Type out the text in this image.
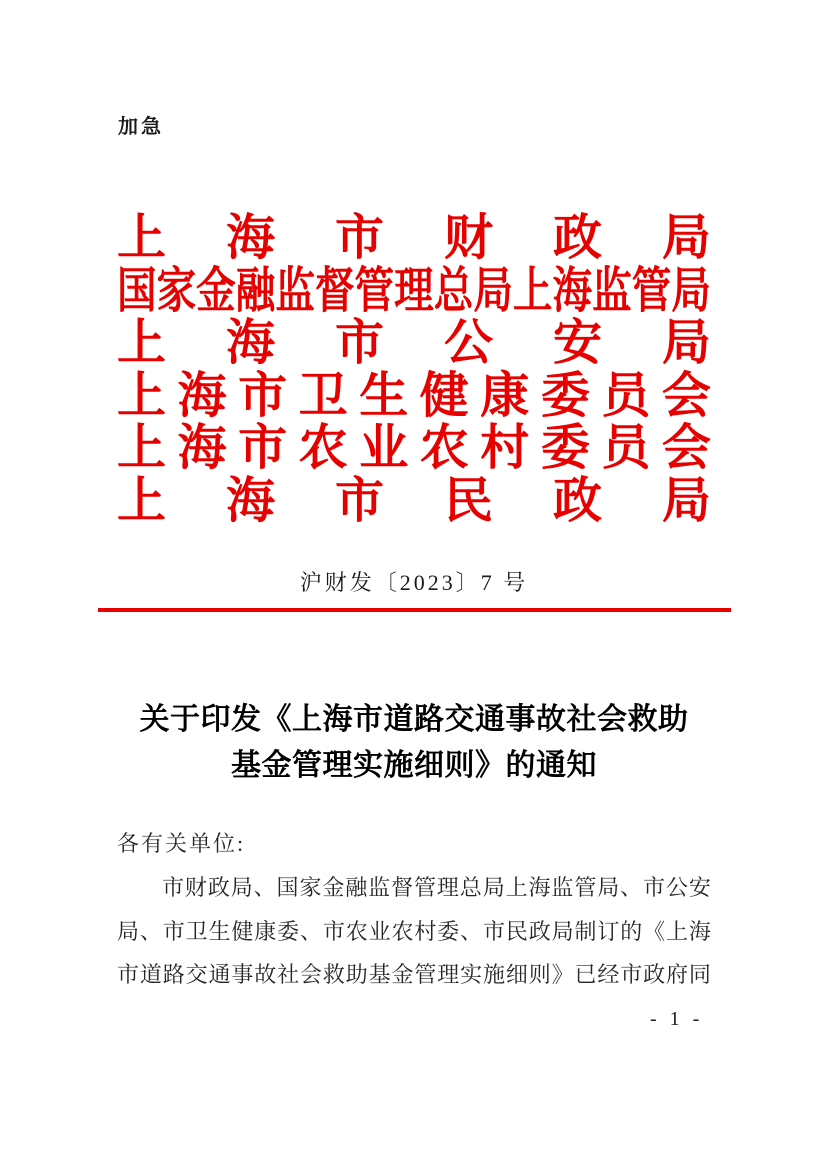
加急
上 海 市 财 政 局
国家金融监督管理总局上海监管局
上 海 市 公 安 局
上 海 市 卫 生 健 康 委 员 会
上 海 市 农 业 农 村 委 员 会
上 海 市 民 政 局
沪财发〔2023〕7 号
关于印发《上海市道路交通事故社会救助
基金管理实施细则》的通知
各有关单位:
市 财 政 局 、 国 家 金 融 监 督 管 理 总 局 上 海 监 管 局 、 市 公 安
局 、 市 卫 生 健 康 委 、 市 农 业 农 村 委 、 市 民 政 局 制 订 的 《 上 海
市 道 路 交 通 事 故 社 会 救 助 基 金 管 理 实 施 细 则 》 已 经 市 政 府 同
- 1 -
